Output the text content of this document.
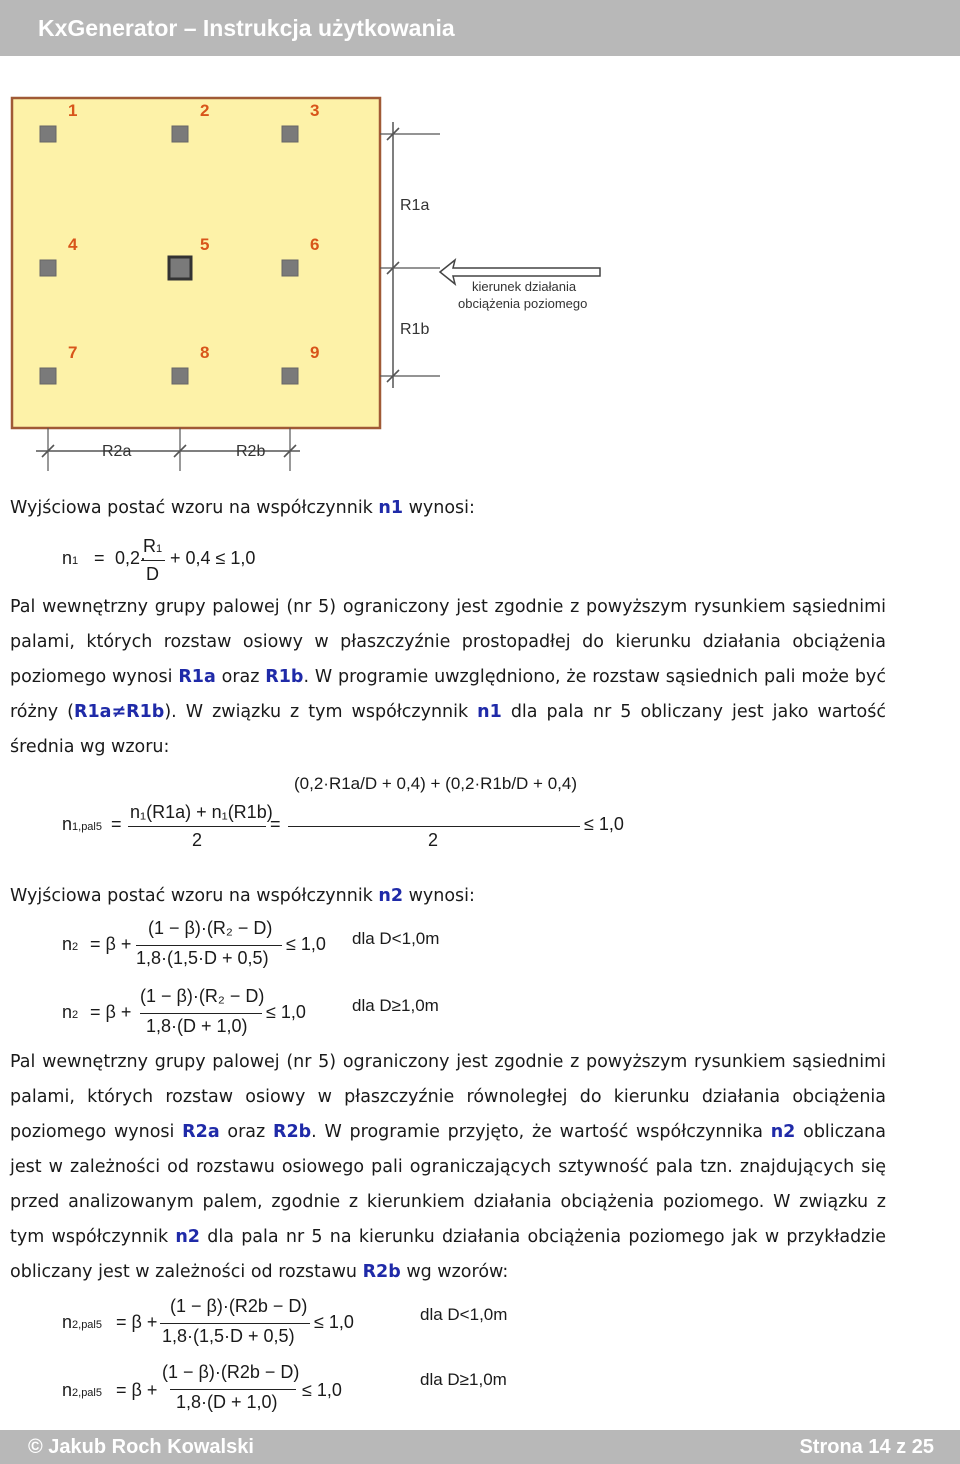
KxGenerator – Instrukcja użytkowania
1	2	3
4	5	6
7	8	9
R1a
R1b
R2a	R2b
kierunek działania
obciążenia poziomego
Wyjściowa postać wzoru na współczynnik n1 wynosi:
n1 = 0,2·
R1
D
+ 0,4 ≤ 1,0
Pal wewnętrzny grupy palowej (nr 5) ograniczony jest zgodnie z powyższym rysunkiem sąsiednimi palami, których rozstaw osiowy w płaszczyźnie prostopadłej do kierunku działania obciążenia poziomego wynosi R1a oraz R1b. W programie uwzględniono, że rozstaw sąsiednich pali może być różny (R1a≠R1b). W związku z tym współczynnik n1 dla pala nr 5 obliczany jest jako wartość średnia wg wzoru:
n1,pal5 =
n₁(R1a) + n₁(R1b)
2
=
(0,2·R1a/D + 0,4) + (0,2·R1b/D + 0,4)
2
≤ 1,0
Wyjściowa postać wzoru na współczynnik n2 wynosi:
n2 = β +
(1 − β)·(R₂ − D)
1,8·(1,5·D + 0,5)
≤ 1,0 dla D<1,0m
n2 = β +
(1 − β)·(R₂ − D)
1,8·(D + 1,0)
≤ 1,0	dla D≥1,0m
Pal wewnętrzny grupy palowej (nr 5) ograniczony jest zgodnie z powyższym rysunkiem sąsiednimi palami, których rozstaw osiowy w płaszczyźnie równoległej do kierunku działania obciążenia poziomego wynosi R2a oraz R2b. W programie przyjęto, że wartość współczynnika n2 obliczana jest w zależności od rozstawu osiowego pali ograniczających sztywność pala tzn. znajdujących się przed analizowanym palem, zgodnie z kierunkiem działania obciążenia poziomego. W związku z tym współczynnik n2 dla pala nr 5 na kierunku działania obciążenia poziomego jak w przykładzie obliczany jest w zależności od rozstawu R2b wg wzorów:
n2,pal5 = β +
(1 − β)·(R2b − D)
1,8·(1,5·D + 0,5)
≤ 1,0	dla D<1,0m
n2,pal5 = β +
(1 − β)·(R2b − D)
1,8·(D + 1,0)
≤ 1,0
dla D≥1,0m
© Jakub Roch Kowalski	Strona 14 z 25
